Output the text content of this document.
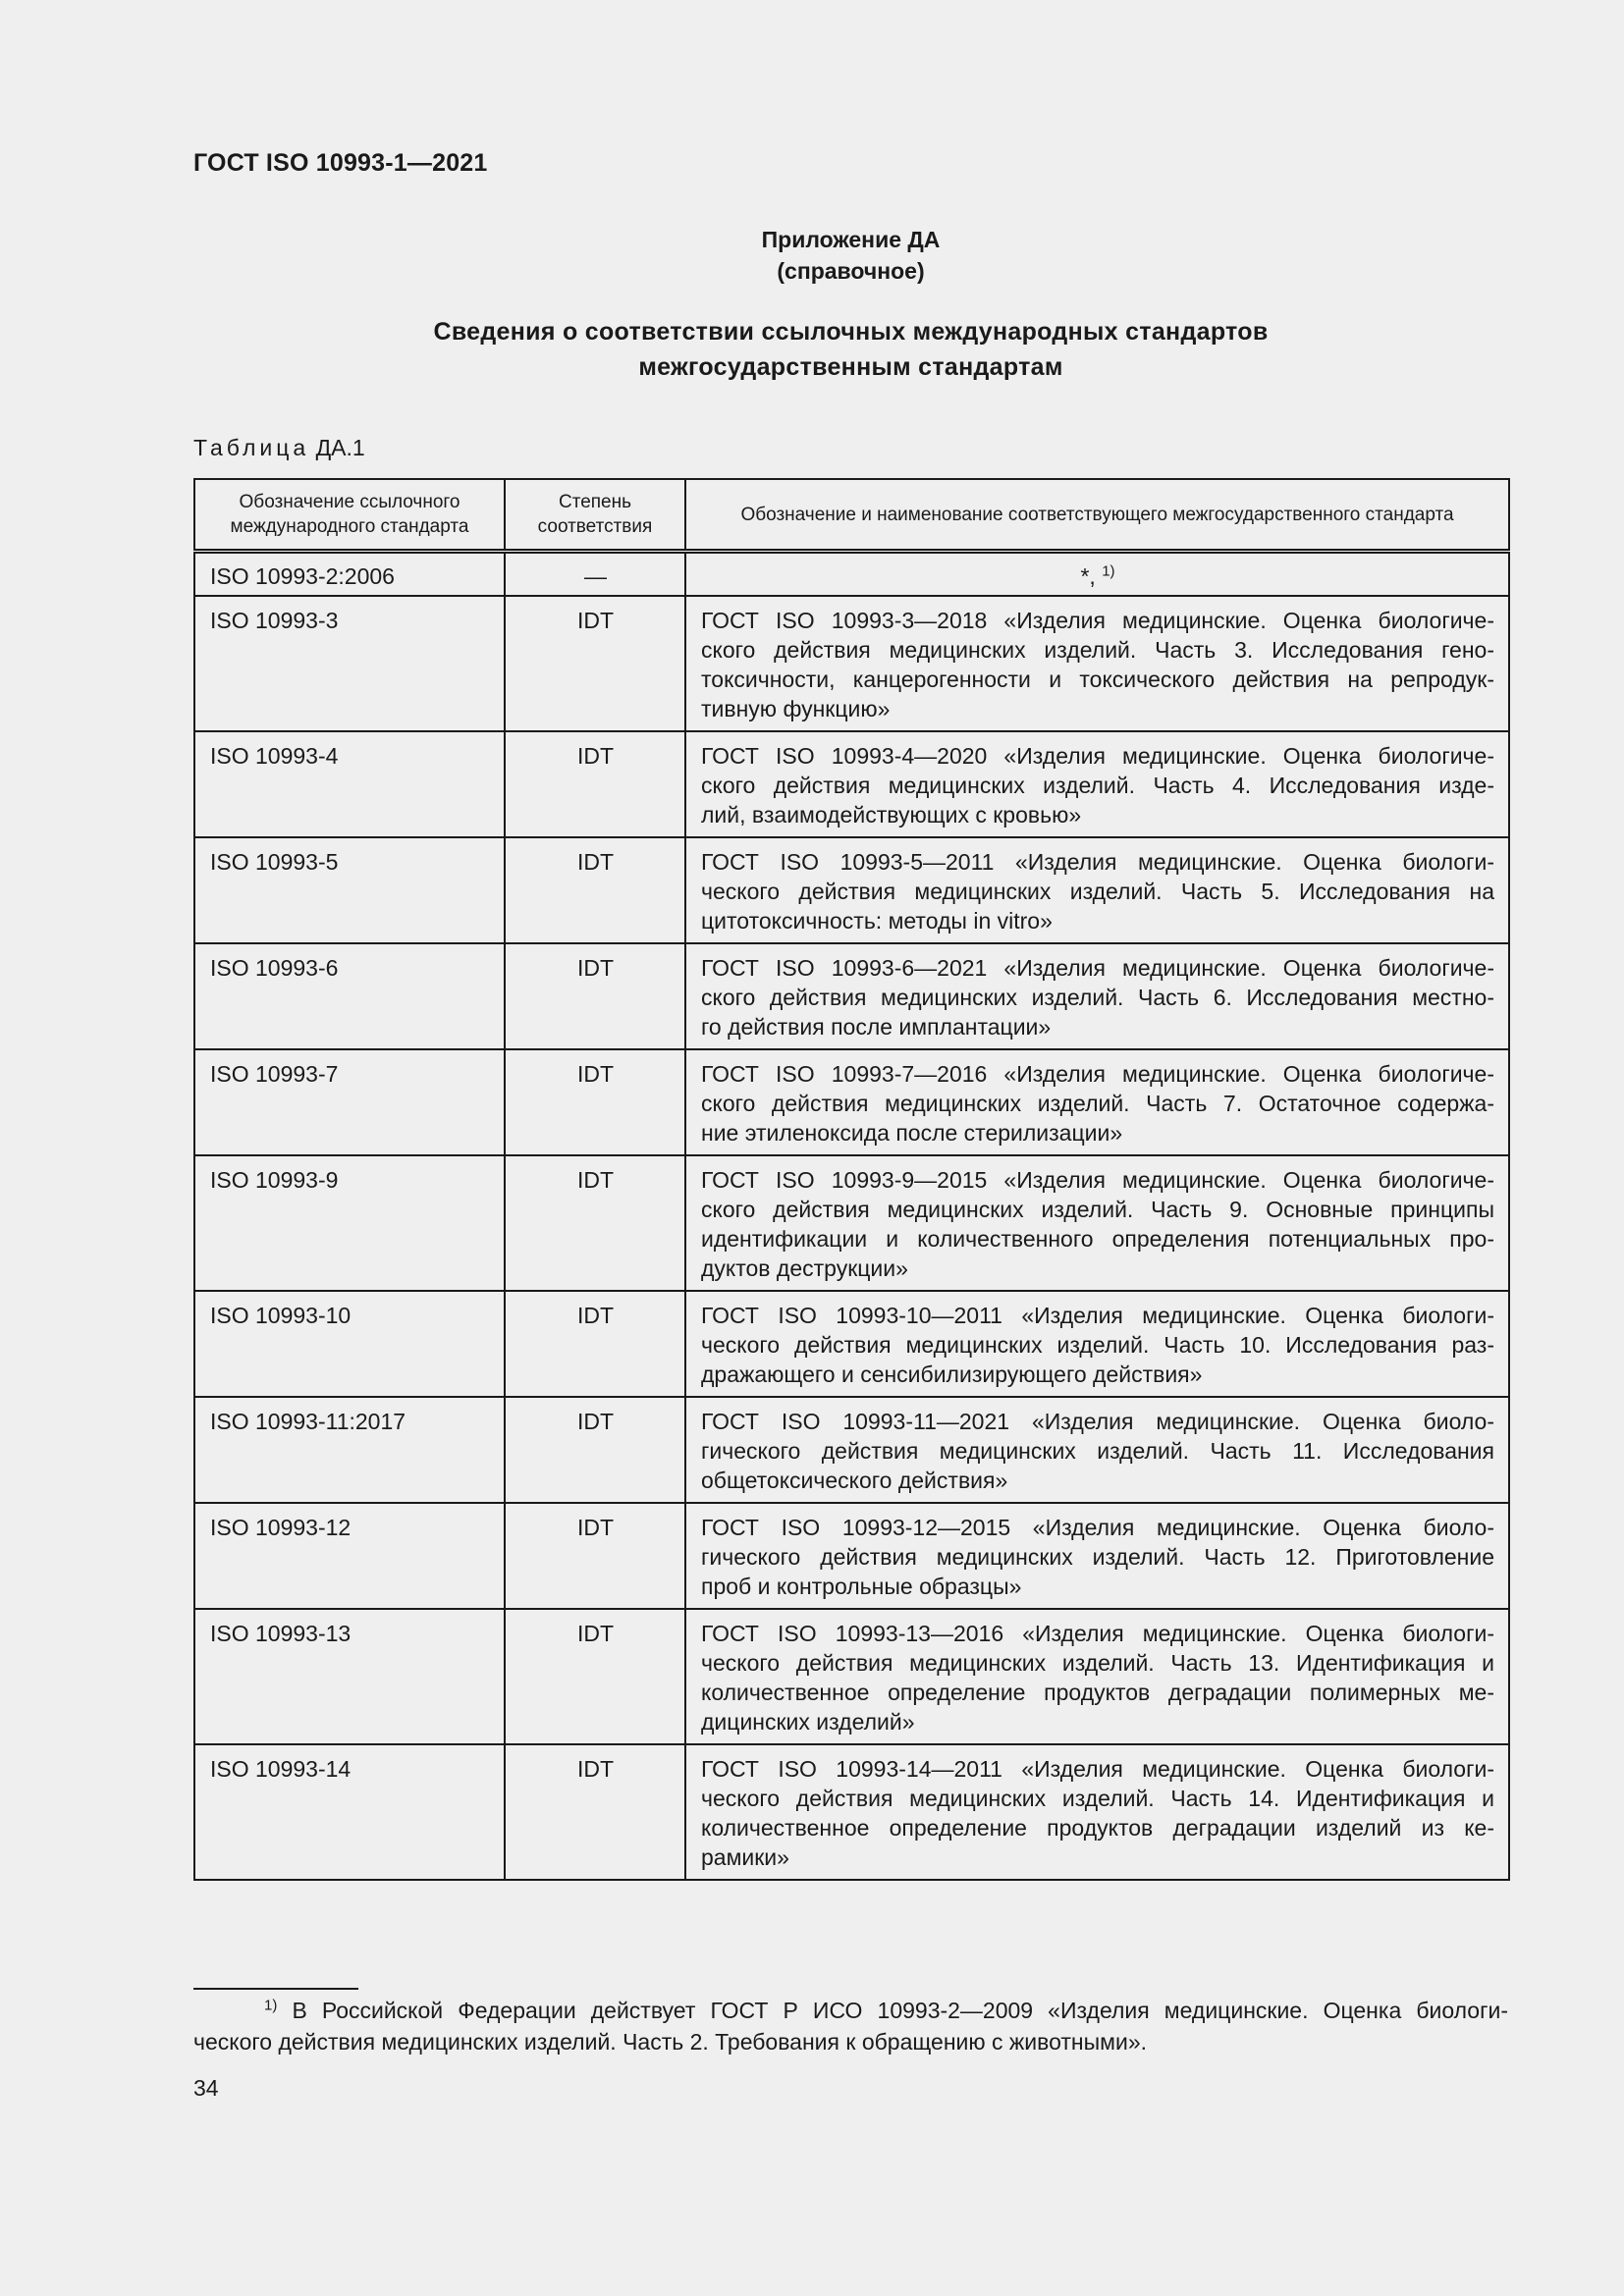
ГОСТ ISO 10993-1—2021
Приложение ДА
(справочное)
Сведения о соответствии ссылочных международных стандартов
межгосударственным стандартам
Таблица ДА.1
Обозначение ссылочного международного стандарта	Степень соответствия	Обозначение и наименование соответствующего межгосударственного стандарта
ISO 10993-2:2006	—	*, $^{1)}$

ISO 10993-3	IDT	ГОСТ ISO 10993-3—2018 «Изделия медицинские. Оценка биологиче-
ского действия медицинских изделий. Часть 3. Исследования гено-
токсичности, канцерогенности и токсического действия на репродук-
тивную функцию»

ISO 10993-4	IDT	ГОСТ ISO 10993-4—2020 «Изделия медицинские. Оценка биологиче-
ского действия медицинских изделий. Часть 4. Исследования изде-
лий, взаимодействующих с кровью»

ISO 10993-5	IDT	ГОСТ ISO 10993-5—2011 «Изделия медицинские. Оценка биологи-
ческого действия медицинских изделий. Часть 5. Исследования на
цитотоксичность: методы in vitro»

ISO 10993-6	IDT	ГОСТ ISO 10993-6—2021 «Изделия медицинские. Оценка биологиче-
ского действия медицинских изделий. Часть 6. Исследования местно-
го действия после имплантации»

ISO 10993-7	IDT	ГОСТ ISO 10993-7—2016 «Изделия медицинские. Оценка биологиче-
ского действия медицинских изделий. Часть 7. Остаточное содержа-
ние этиленоксида после стерилизации»

ISO 10993-9	IDT	ГОСТ ISO 10993-9—2015 «Изделия медицинские. Оценка биологиче-
ского действия медицинских изделий. Часть 9. Основные принципы
идентификации и количественного определения потенциальных про-
дуктов деструкции»

ISO 10993-10	IDT	ГОСТ ISO 10993-10—2011 «Изделия медицинские. Оценка биологи-
ческого действия медицинских изделий. Часть 10. Исследования раз-
дражающего и сенсибилизирующего действия»

ISO 10993-11:2017	IDT	ГОСТ ISO 10993-11—2021 «Изделия медицинские. Оценка биоло-
гического действия медицинских изделий. Часть 11. Исследования
общетоксического действия»

ISO 10993-12	IDT	ГОСТ ISO 10993-12—2015 «Изделия медицинские. Оценка биоло-
гического действия медицинских изделий. Часть 12. Приготовление
проб и контрольные образцы»

ISO 10993-13	IDT	ГОСТ ISO 10993-13—2016 «Изделия медицинские. Оценка биологи-
ческого действия медицинских изделий. Часть 13. Идентификация и
количественное определение продуктов деградации полимерных ме-
дицинских изделий»

ISO 10993-14	IDT	ГОСТ ISO 10993-14—2011 «Изделия медицинские. Оценка биологи-
ческого действия медицинских изделий. Часть 14. Идентификация и
количественное определение продуктов деградации изделий из ке-
рамики»
$^{1)}$ В Российской Федерации действует ГОСТ Р ИСО 10993-2—2009 «Изделия медицинские. Оценка биологи-
ческого действия медицинских изделий. Часть 2. Требования к обращению с животными».
34
